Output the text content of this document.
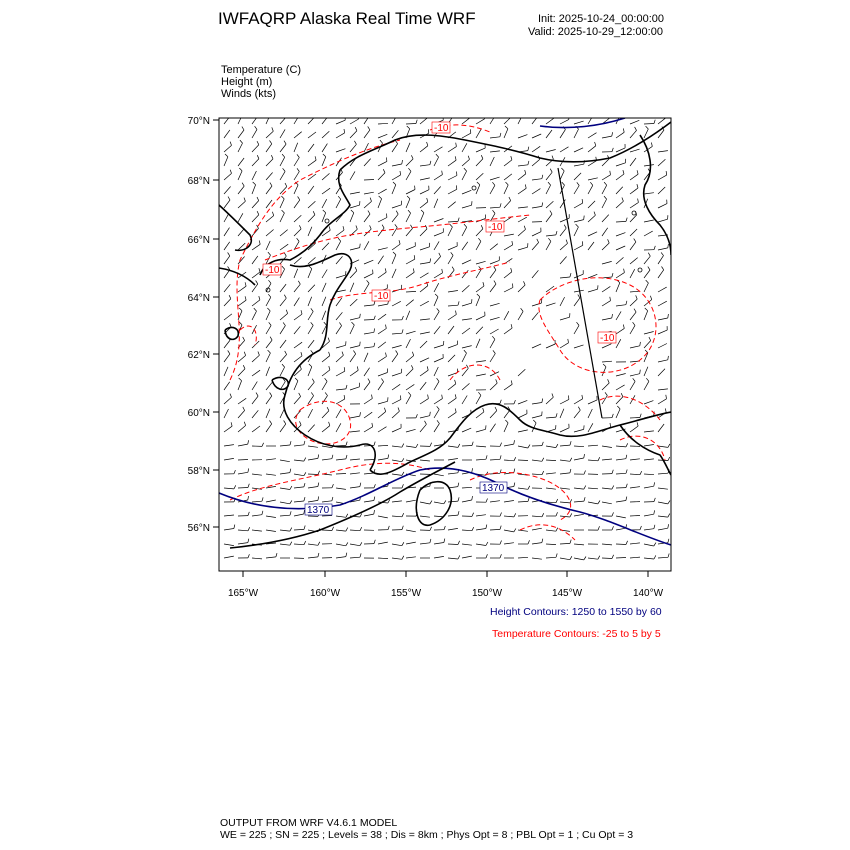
IWFAQRP Alaska Real Time WRF	Init: 2025-10-24_00:00:00
Valid: 2025-10-29_12:00:00
Temperature (C)
Height (m)
Winds (kts)
-10
-10
-10
-10
-10
1370
1370
70°N
68°N
66°N
64°N
62°N
60°N
58°N
56°N
165°W	160°W	155°W	150°W	145°W	140°W
Height Contours: 1250 to 1550 by 60
Temperature Contours: -25 to 5 by 5
OUTPUT FROM WRF V4.6.1 MODEL
WE = 225 ; SN = 225 ; Levels = 38 ; Dis = 8km ; Phys Opt = 8 ; PBL Opt = 1 ; Cu Opt = 3
